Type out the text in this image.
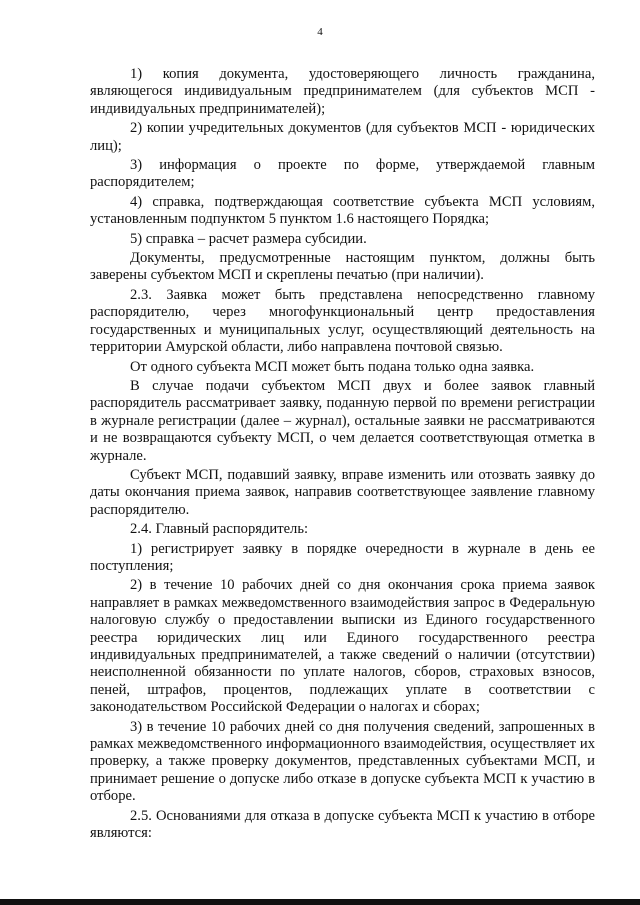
4

1) копия документа, удостоверяющего личность гражданина, являющегося индивидуальным предпринимателем (для субъектов МСП - индивидуальных предпринимателей);

2) копии учредительных документов (для субъектов МСП - юридических лиц);

3) информация о проекте по форме, утверждаемой главным распорядителем;

4) справка, подтверждающая соответствие субъекта МСП условиям, установленным подпунктом 5 пунктом 1.6 настоящего Порядка;

5) справка – расчет размера субсидии.

Документы, предусмотренные настоящим пунктом, должны быть заверены субъектом МСП и скреплены печатью (при наличии).

2.3. Заявка может быть представлена непосредственно главному распорядителю, через многофункциональный центр предоставления государственных и муниципальных услуг, осуществляющий деятельность на территории Амурской области, либо направлена почтовой связью.

От одного субъекта МСП может быть подана только одна заявка.

В случае подачи субъектом МСП двух и более заявок главный распорядитель рассматривает заявку, поданную первой по времени регистрации в журнале регистрации (далее – журнал), остальные заявки не рассматриваются и не возвращаются субъекту МСП, о чем делается соответствующая отметка в журнале.

Субъект МСП, подавший заявку, вправе изменить или отозвать заявку до даты окончания приема заявок, направив соответствующее заявление главному распорядителю.

2.4. Главный распорядитель:

1) регистрирует заявку в порядке очередности в журнале в день ее поступления;

2) в течение 10 рабочих дней со дня окончания срока приема заявок направляет в рамках межведомственного взаимодействия запрос в Федеральную налоговую службу о предоставлении выписки из Единого государственного реестра юридических лиц или Единого государственного реестра индивидуальных предпринимателей, а также сведений о наличии (отсутствии) неисполненной обязанности по уплате налогов, сборов, страховых взносов, пеней, штрафов, процентов, подлежащих уплате в соответствии с законодательством Российской Федерации о налогах и сборах;

3) в течение 10 рабочих дней со дня получения сведений, запрошенных в рамках межведомственного информационного взаимодействия, осуществляет их проверку, а также проверку документов, представленных субъектами МСП, и принимает решение о допуске либо отказе в допуске субъекта МСП к участию в отборе.

2.5. Основаниями для отказа в допуске субъекта МСП к участию в отборе являются:
